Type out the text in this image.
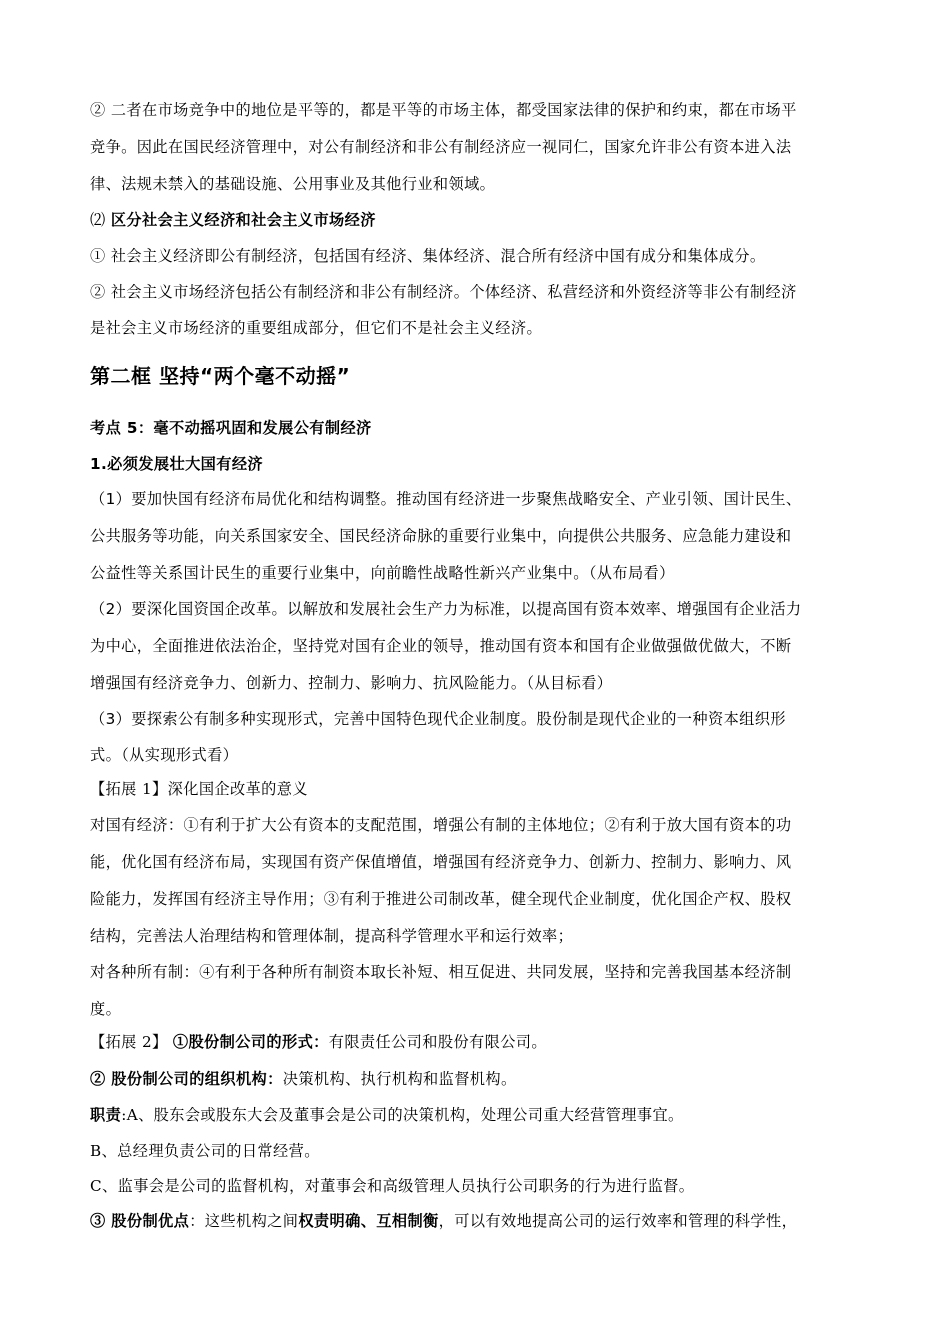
② 二者在市场竞争中的地位是平等的，都是平等的市场主体，都受国家法律的保护和约束，都在市场平
竞争。因此在国民经济管理中，对公有制经济和非公有制经济应一视同仁，国家允许非公有资本进入法
律、法规未禁入的基础设施、公用事业及其他行业和领域。
⑵ 区分社会主义经济和社会主义市场经济
① 社会主义经济即公有制经济，包括国有经济、集体经济、混合所有经济中国有成分和集体成分。
② 社会主义市场经济包括公有制经济和非公有制经济。个体经济、私营经济和外资经济等非公有制经济
是社会主义市场经济的重要组成部分，但它们不是社会主义经济。
第二框 坚持“两个毫不动摇”
考点 5：毫不动摇巩固和发展公有制经济
1.必须发展壮大国有经济
（1）要加快国有经济布局优化和结构调整。推动国有经济进一步聚焦战略安全、产业引领、国计民生、
公共服务等功能，向关系国家安全、国民经济命脉的重要行业集中，向提供公共服务、应急能力建设和
公益性等关系国计民生的重要行业集中，向前瞻性战略性新兴产业集中。（从布局看）
（2）要深化国资国企改革。以解放和发展社会生产力为标准，以提高国有资本效率、增强国有企业活力
为中心，全面推进依法治企，坚持党对国有企业的领导，推动国有资本和国有企业做强做优做大，不断
增强国有经济竞争力、创新力、控制力、影响力、抗风险能力。（从目标看）
（3）要探索公有制多种实现形式，完善中国特色现代企业制度。股份制是现代企业的一种资本组织形
式。（从实现形式看）
【拓展 1】深化国企改革的意义
对国有经济：①有利于扩大公有资本的支配范围，增强公有制的主体地位；②有利于放大国有资本的功
能，优化国有经济布局，实现国有资产保值增值，增强国有经济竞争力、创新力、控制力、影响力、风
险能力，发挥国有经济主导作用；③有利于推进公司制改革，健全现代企业制度，优化国企产权、股权
结构，完善法人治理结构和管理体制，提高科学管理水平和运行效率；
对各种所有制：④有利于各种所有制资本取长补短、相互促进、共同发展，坚持和完善我国基本经济制
度。
【拓展 2】 ①股份制公司的形式：有限责任公司和股份有限公司。
② 股份制公司的组织机构：决策机构、执行机构和监督机构。
职责:A、股东会或股东大会及董事会是公司的决策机构，处理公司重大经营管理事宜。
B、总经理负责公司的日常经营。
C、监事会是公司的监督机构，对董事会和高级管理人员执行公司职务的行为进行监督。
③ 股份制优点：这些机构之间权责明确、互相制衡，可以有效地提高公司的运行效率和管理的科学性，
